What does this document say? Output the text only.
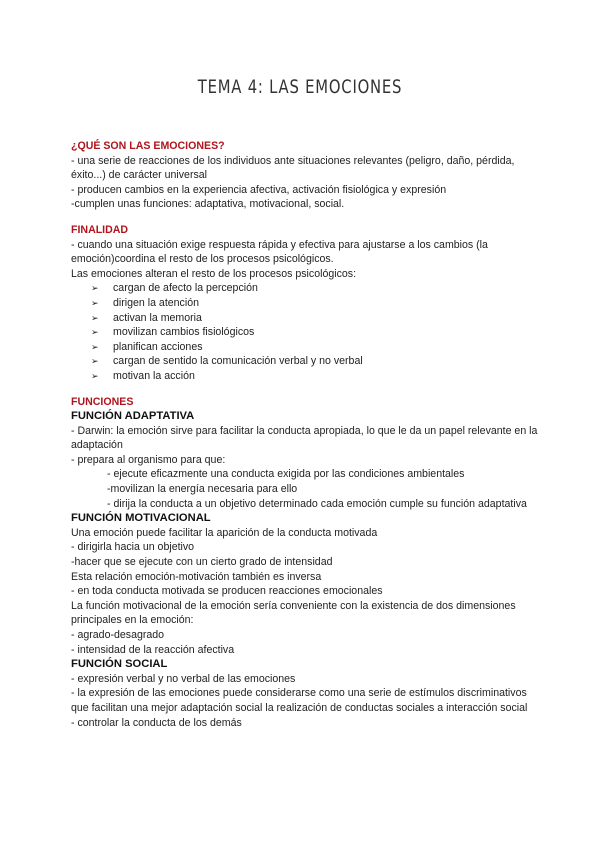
TEMA 4: LAS EMOCIONES
¿QUÉ SON LAS EMOCIONES?
- una serie de reacciones de los individuos ante situaciones relevantes (peligro, daño, pérdida, éxito...) de carácter universal
- producen cambios en la experiencia afectiva, activación fisiológica y expresión
-cumplen unas funciones: adaptativa, motivacional, social.
FINALIDAD
- cuando una situación exige respuesta rápida y efectiva para ajustarse a los cambios (la emoción)coordina el resto de los procesos psicológicos.
Las emociones alteran el resto de los procesos psicológicos:
➢ cargan de afecto la percepción
➢ dirigen la atención
➢ activan la memoria
➢ movilizan cambios fisiológicos
➢ planifican acciones
➢ cargan de sentido la comunicación verbal y no verbal
➢ motivan la acción
FUNCIONES
FUNCIÓN ADAPTATIVA
- Darwin: la emoción sirve para facilitar la conducta apropiada, lo que le da un papel relevante en la adaptación
- prepara al organismo para que:
- ejecute eficazmente una conducta exigida por las condiciones ambientales
-movilizan la energía necesaria para ello
- dirija la conducta a un objetivo determinado cada emoción cumple su función adaptativa
FUNCIÓN MOTIVACIONAL
Una emoción puede facilitar la aparición de la conducta motivada
- dirigirla hacia un objetivo
-hacer que se ejecute con un cierto grado de intensidad
Esta relación emoción-motivación también es inversa
- en toda conducta motivada se producen reacciones emocionales
La función motivacional de la emoción sería conveniente con la existencia de dos dimensiones principales en la emoción:
- agrado-desagrado
- intensidad de la reacción afectiva
FUNCIÓN SOCIAL
- expresión verbal y no verbal de las emociones
- la expresión de las emociones puede considerarse como una serie de estímulos discriminativos que facilitan una mejor adaptación social la realización de conductas sociales a interacción social
- controlar la conducta de los demás
